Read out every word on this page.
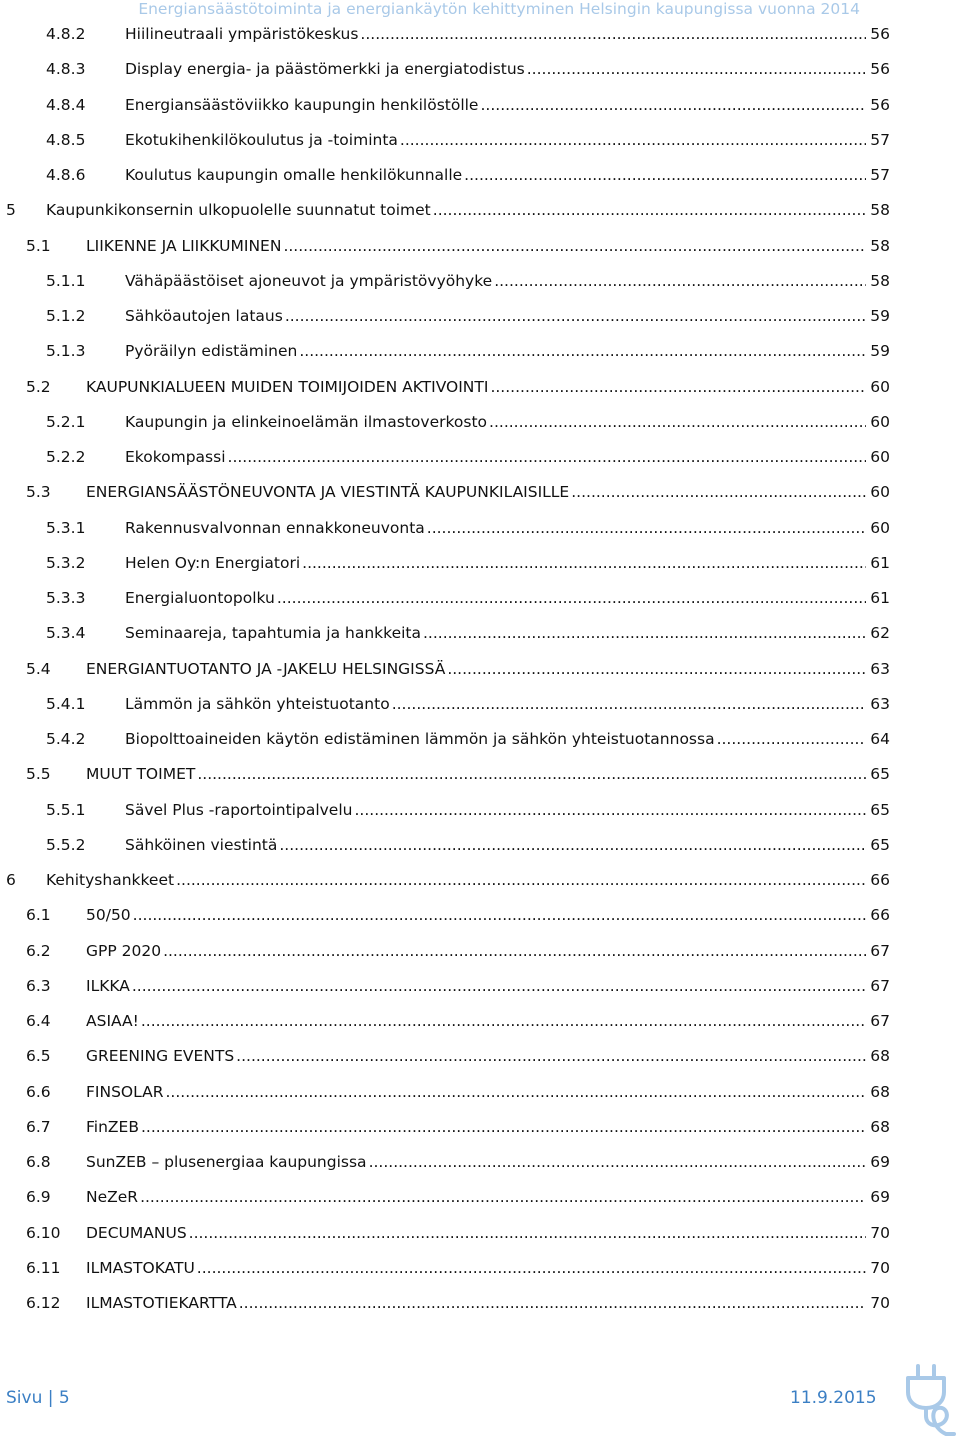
Energiansäästötoiminta ja energiankäytön kehittyminen Helsingin kaupungissa vuonna 2014
4.8.2	Hiilineutraali ympäristökeskus .....	56
4.8.3	Display energia- ja päästömerkki ja energiatodistus .....	56
4.8.4	Energiansäästöviikko kaupungin henkilöstölle .....	56
4.8.5	Ekotukihenkilökoulutus ja -toiminta .....	57
4.8.6	Koulutus kaupungin omalle henkilökunnalle .....	57
5	Kaupunkikonsernin ulkopuolelle suunnatut toimet .....	58
5.1	LIIKENNE JA LIIKKUMINEN .....	58
5.1.1	Vähäpäästöiset ajoneuvot ja ympäristövyöhyke .....	58
5.1.2	Sähköautojen lataus .....	59
5.1.3	Pyöräilyn edistäminen .....	59
5.2	KAUPUNKIALUEEN MUIDEN TOIMIJOIDEN AKTIVOINTI .....	60
5.2.1	Kaupungin ja elinkeinoelämän ilmastoverkosto .....	60
5.2.2	Ekokompassi .....	60
5.3	ENERGIANSÄÄSTÖNEUVONTA JA VIESTINTÄ KAUPUNKILAISILLE .....	60
5.3.1	Rakennusvalvonnan ennakkoneuvonta .....	60
5.3.2	Helen Oy:n Energiatori .....	61
5.3.3	Energialuontopolku .....	61
5.3.4	Seminaareja, tapahtumia ja hankkeita .....	62
5.4	ENERGIANTUOTANTO JA -JAKELU HELSINGISSÄ .....	63
5.4.1	Lämmön ja sähkön yhteistuotanto .....	63
5.4.2	Biopolttoaineiden käytön edistäminen lämmön ja sähkön yhteistuotannossa .....	64
5.5	MUUT TOIMET .....	65
5.5.1	Sävel Plus -raportointipalvelu .....	65
5.5.2	Sähköinen viestintä .....	65
6	Kehityshankkeet .....	66
6.1	50/50 .....	66
6.2	GPP 2020 .....	67
6.3	ILKKA .....	67
6.4	ASIAA! .....	67
6.5	GREENING EVENTS .....	68
6.6	FINSOLAR .....	68
6.7	FinZEB .....	68
6.8	SunZEB – plusenergiaa kaupungissa .....	69
6.9	NeZeR .....	69
6.10	DECUMANUS .....	70
6.11	ILMASTOKATU .....	70
6.12	ILMASTOTIEKARTTA .....	70
Sivu | 5	11.9.2015
